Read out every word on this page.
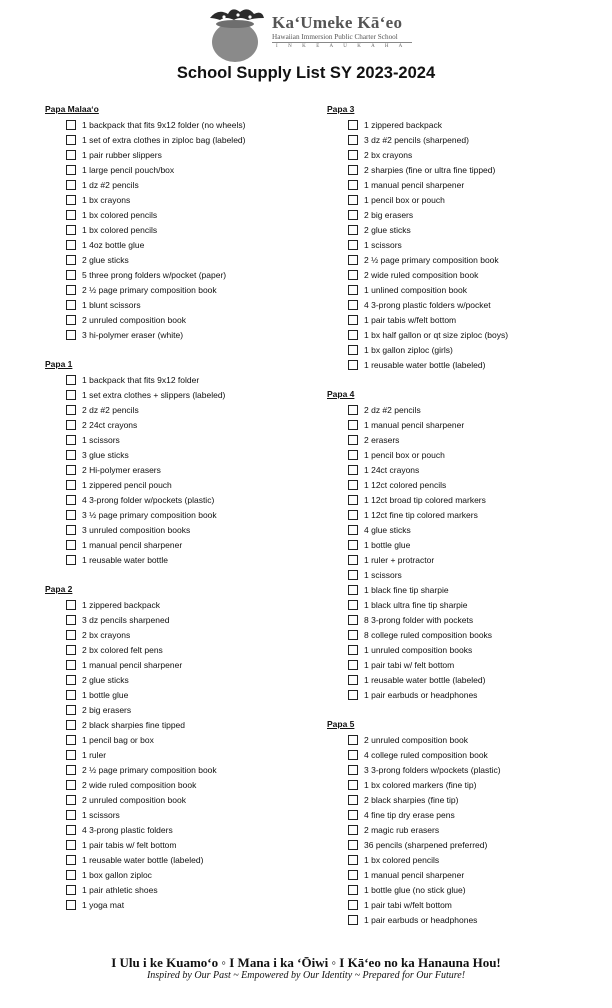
KaʻUmeke Kāʻeo
Hawaiian Immersion Public Charter School
I N K E A U K A H A
School Supply List SY 2023-2024
Papa Malaaʻo
1 backpack that fits 9x12 folder (no wheels)
1 set of extra clothes in ziploc bag (labeled)
1 pair rubber slippers
1 large pencil pouch/box
1 dz #2 pencils
1 bx crayons
1 bx colored pencils
1 bx colored pencils
1 4oz bottle glue
2 glue sticks
5 three prong folders w/pocket (paper)
2 ½ page primary composition book
1 blunt scissors
2 unruled composition book
3 hi-polymer eraser (white)
Papa 1
1 backpack that fits 9x12 folder
1 set extra clothes + slippers (labeled)
2 dz #2 pencils
2 24ct crayons
1 scissors
3 glue sticks
2 Hi-polymer erasers
1 zippered pencil pouch
4 3-prong folder w/pockets (plastic)
3 ½ page primary composition book
3 unruled composition books
1 manual pencil sharpener
1 reusable water bottle
Papa 2
1 zippered backpack
3 dz pencils sharpened
2 bx crayons
2 bx colored felt pens
1 manual pencil sharpener
2 glue sticks
1 bottle glue
2 big erasers
2 black sharpies fine tipped
1 pencil bag or box
1 ruler
2 ½ page primary composition book
2 wide ruled composition book
2 unruled composition book
1 scissors
4 3-prong plastic folders
1 pair tabis w/ felt bottom
1 reusable water bottle (labeled)
1 box gallon ziploc
1 pair athletic shoes
1 yoga mat
Papa 3
1 zippered backpack
3 dz #2 pencils (sharpened)
2 bx crayons
2 sharpies (fine or ultra fine tipped)
1 manual pencil sharpener
1 pencil box or pouch
2 big erasers
2 glue sticks
1 scissors
2 ½ page primary composition book
2 wide ruled composition book
1 unlined composition book
4 3-prong plastic folders w/pocket
1 pair tabis w/felt bottom
1 bx half gallon or qt size ziploc (boys)
1 bx gallon ziploc (girls)
1 reusable water bottle (labeled)
Papa 4
2 dz #2 pencils
1 manual pencil sharpener
2 erasers
1 pencil box or pouch
1 24ct crayons
1 12ct colored pencils
1 12ct broad tip colored markers
1 12ct fine tip colored markers
4 glue sticks
1 bottle glue
1 ruler + protractor
1 scissors
1 black fine tip sharpie
1 black ultra fine tip sharpie
8 3-prong folder with pockets
8 college ruled composition books
1 unruled composition books
1 pair tabi w/ felt bottom
1 reusable water bottle (labeled)
1 pair earbuds or headphones
Papa 5
2 unruled composition book
4 college ruled composition book
3 3-prong folders w/pockets (plastic)
1 bx colored markers (fine tip)
2 black sharpies (fine tip)
4 fine tip dry erase pens
2 magic rub erasers
36 pencils (sharpened preferred)
1 bx colored pencils
1 manual pencil sharpener
1 bottle glue (no stick glue)
1 pair tabi w/felt bottom
1 pair earbuds or headphones
I Ulu i ke Kuamoʻo ◦ I Mana i ka ʻŌiwi ◦ I Kāʻeo no ka Hanauna Hou!
Inspired by Our Past ~ Empowered by Our Identity ~ Prepared for Our Future!
